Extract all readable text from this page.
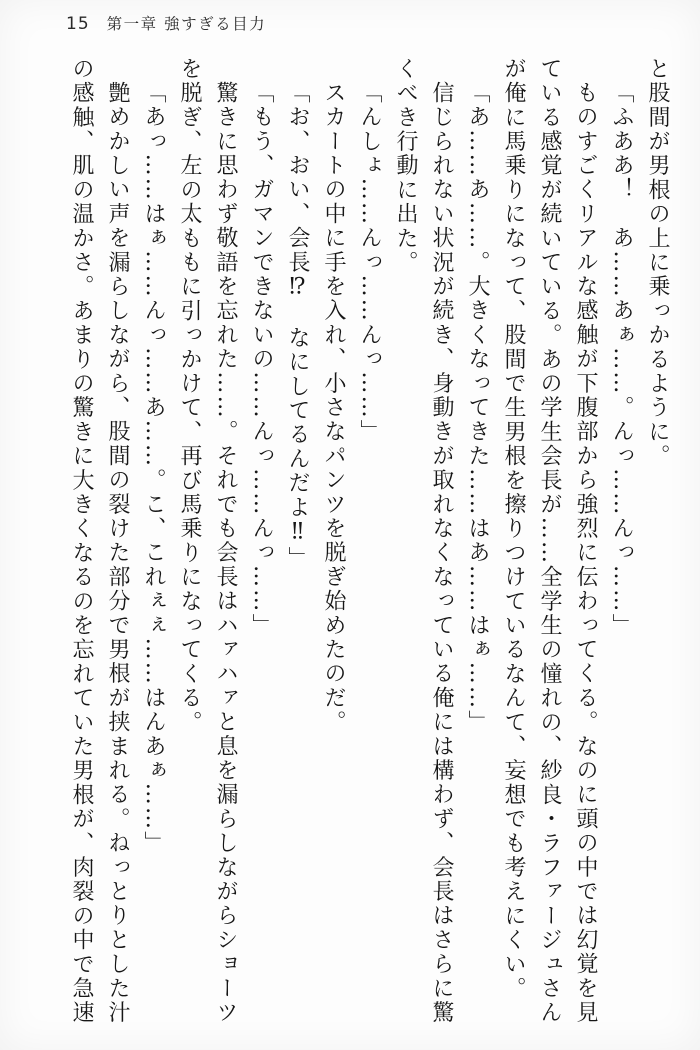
15 第一章 強すぎる目力

と股間が男根の上に乗っかるように。

「ふああ！　あ……あぁ……。んっ……んっ……」

ものすごくリアルな感触が下腹部から強烈に伝わってくる。なのに頭の中では幻覚を見

ている感覚が続いている。あの学生会長が……全学生の憧れの、紗良・ラファージュさん

が俺に馬乗りになって、股間で生男根を擦りつけているなんて、妄想でも考えにくい。

「あ……あ……。大きくなってきた……はあ……はぁ……」

信じられない状況が続き、身動きが取れなくなっている俺には構わず、会長はさらに驚

くべき行動に出た。

「んしょ……んっ……んっ……」

スカートの中に手を入れ、小さなパンツを脱ぎ始めたのだ。

「お、おい、会長⁉　なにしてるんだよ‼」

「もう、ガマンできないの……んっ……んっ……」

驚きに思わず敬語を忘れた……。それでも会長はハァハァと息を漏らしながらショーツ

を脱ぎ、左の太ももに引っかけて、再び馬乗りになってくる。

「あっ……はぁ……んっ……あ……。こ、これぇぇ……はんあぁ……」

艶めかしい声を漏らしながら、股間の裂けた部分で男根が挟まれる。ねっとりとした汁

の感触、肌の温かさ。あまりの驚きに大きくなるのを忘れていた男根が、肉裂の中で急速
